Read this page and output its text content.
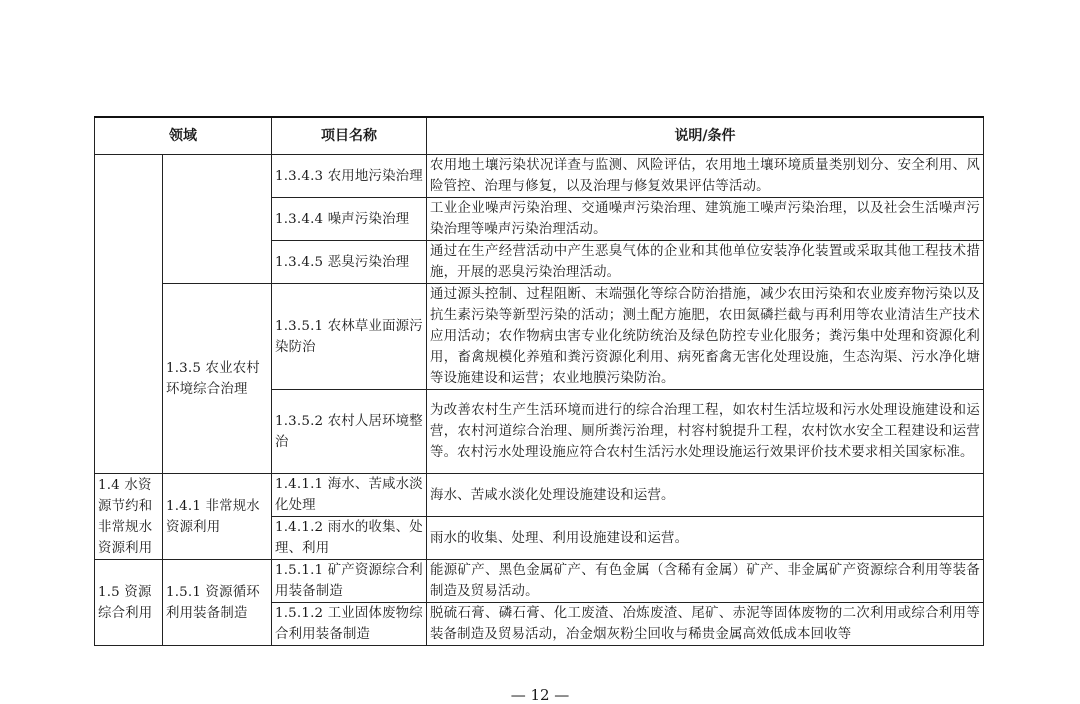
领域		项目名称	说明/条件
		1.3.4.3 农用地污染治理	农用地土壤污染状况详查与监测、风险评估，农用地土壤环境质量类别划分、安全利用、风险管控、治理与修复，以及治理与修复效果评估等活动。
		1.3.4.4 噪声污染治理	工业企业噪声污染治理、交通噪声污染治理、建筑施工噪声污染治理，以及社会生活噪声污染治理等噪声污染治理活动。
		1.3.4.5 恶臭污染治理	通过在生产经营活动中产生恶臭气体的企业和其他单位安装净化装置或采取其他工程技术措施，开展的恶臭污染治理活动。
	1.3.5 农业农村环境综合治理	1.3.5.1 农林草业面源污染防治	通过源头控制、过程阻断、末端强化等综合防治措施，减少农田污染和农业废弃物污染以及抗生素污染等新型污染的活动；测土配方施肥，农田氮磷拦截与再利用等农业清洁生产技术应用活动；农作物病虫害专业化统防统治及绿色防控专业化服务；粪污集中处理和资源化利用，畜禽规模化养殖和粪污资源化利用、病死畜禽无害化处理设施，生态沟渠、污水净化塘等设施建设和运营；农业地膜污染防治。
		1.3.5.2 农村人居环境整治	为改善农村生产生活环境而进行的综合治理工程，如农村生活垃圾和污水处理设施建设和运营，农村河道综合治理、厕所粪污治理，村容村貌提升工程，农村饮水安全工程建设和运营等。农村污水处理设施应符合农村生活污水处理设施运行效果评价技术要求相关国家标准。
1.4 水资源节约和非常规水资源利用	1.4.1 非常规水资源利用	1.4.1.1 海水、苦咸水淡化处理	海水、苦咸水淡化处理设施建设和运营。
		1.4.1.2 雨水的收集、处理、利用	雨水的收集、处理、利用设施建设和运营。
1.5 资源综合利用	1.5.1 资源循环利用装备制造	1.5.1.1 矿产资源综合利用装备制造	能源矿产、黑色金属矿产、有色金属（含稀有金属）矿产、非金属矿产资源综合利用等装备制造及贸易活动。
		1.5.1.2 工业固体废物综合利用装备制造	脱硫石膏、磷石膏、化工废渣、冶炼废渣、尾矿、赤泥等固体废物的二次利用或综合利用等装备制造及贸易活动，冶金烟灰粉尘回收与稀贵金属高效低成本回收等
— 12 —
